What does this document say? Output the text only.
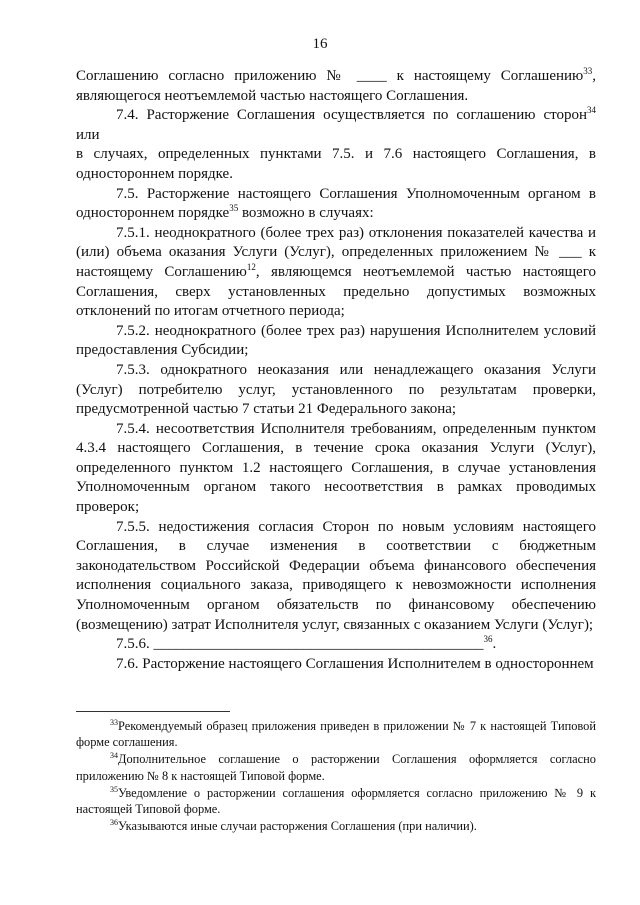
16

Соглашению согласно приложению № ____ к настоящему Соглашению$^{33}$, являющегося неотъемлемой частью настоящего Соглашения.

7.4. Расторжение Соглашения осуществляется по соглашению сторон$^{34}$ или

в случаях, определенных пунктами 7.5. и 7.6 настоящего Соглашения, в одностороннем порядке.

7.5. Расторжение настоящего Соглашения Уполномоченным органом в одностороннем порядке$^{35}$ возможно в случаях:

7.5.1. неоднократного (более трех раз) отклонения показателей качества и (или) объема оказания Услуги (Услуг), определенных приложением № ___ к настоящему Соглашению$^{12}$, являющемся неотъемлемой частью настоящего Соглашения, сверх установленных предельно допустимых возможных отклонений по итогам отчетного периода;

7.5.2. неоднократного (более трех раз) нарушения Исполнителем условий предоставления Субсидии;

7.5.3. однократного неоказания или ненадлежащего оказания Услуги (Услуг) потребителю услуг, установленного по результатам проверки, предусмотренной частью 7 статьи 21 Федерального закона;

7.5.4. несоответствия Исполнителя требованиям, определенным пунктом 4.3.4 настоящего Соглашения, в течение срока оказания Услуги (Услуг), определенного пунктом 1.2 настоящего Соглашения, в случае установления Уполномоченным органом такого несоответствия в рамках проводимых проверок;

7.5.5. недостижения согласия Сторон по новым условиям настоящего Соглашения, в случае изменения в соответствии с бюджетным законодательством Российской Федерации объема финансового обеспечения исполнения социального заказа, приводящего к невозможности исполнения Уполномоченным органом обязательств по финансовому обеспечению (возмещению) затрат Исполнителя услуг, связанных с оказанием Услуги (Услуг);

7.5.6. ____________________________________________$^{36}$.

7.6. Расторжение настоящего Соглашения Исполнителем в одностороннем

$^{33}$Рекомендуемый образец приложения приведен в приложении № 7 к настоящей Типовой форме соглашения.

$^{34}$Дополнительное соглашение о расторжении Соглашения оформляется согласно приложению № 8 к настоящей Типовой форме.

$^{35}$Уведомление о расторжении соглашения оформляется согласно приложению № 9 к настоящей Типовой форме.

$^{36}$Указываются иные случаи расторжения Соглашения (при наличии).
